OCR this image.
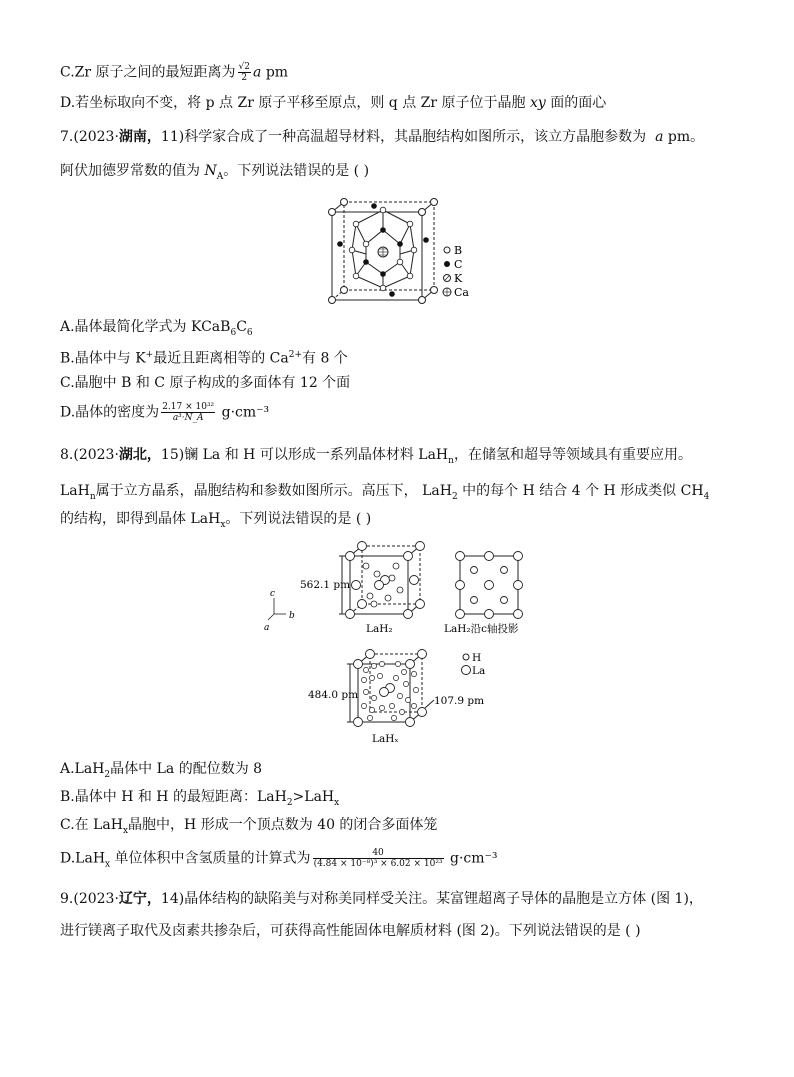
C.Zr 原子之间的最短距离为 $\frac{√2}{2}$ a pm
D.若坐标取向不变，将 p 点 Zr 原子平移至原点，则 q 点 Zr 原子位于晶胞 xy 面的面心
7.(2023·湖南，11)科学家合成了一种高温超导材料，其晶胞结构如图所示，该立方晶胞参数为 a pm。
阿伏加德罗常数的值为 $N_A$。下列说法错误的是 ( )
B
C
K
Ca
A.晶体最简化学式为 $KCaB_6C_6$
B.晶体中与 K+最近且距离相等的 $Ca^{2+}$有 8 个
C.晶胞中 B 和 C 原子构成的多面体有 12 个面
D.晶体的密度为 $\frac{\text{2.17 × 10³²}}{\text{a³·N\_A}} g\cdot cm^{-3}$
8.(2023·湖北，15)镧 La 和 H 可以形成一系列晶体材料 LaH$_n$，在储氢和超导等领域具有重要应用。
LaH$_n$属于立方晶系，晶胞结构和参数如图所示。高压下， LaH$_2$ 中的每个 H 结合 4 个 H 形成类似 $CH_4$
的结构，即得到晶体 LaH$_x$。下列说法错误的是 ( )
562.1 pm
LaH₂	LaH₂沿c轴投影
c
b
a
H
La
484.0 pm	107.9 pm
LaHₓ
A.LaH$_2$晶体中 La 的配位数为 8
B.晶体中 H 和 H 的最短距离：LaH$_2$>LaH$_x$
C.在 LaH$_x$晶胞中，H 形成一个顶点数为 40 的闭合多面体笼
D.LaH$_x$ 单位体积中含氢质量的计算式为 $\frac{40}{\text{(4.84 × 10⁻⁸)³ × 6.02 × 10²³}} g\cdot cm^{-3}$
9.(2023·辽宁，14)晶体结构的缺陷美与对称美同样受关注。某富锂超离子导体的晶胞是立方体 (图 1)，
进行镁离子取代及卤素共掺杂后，可获得高性能固体电解质材料 (图 2)。下列说法错误的是 ( )
